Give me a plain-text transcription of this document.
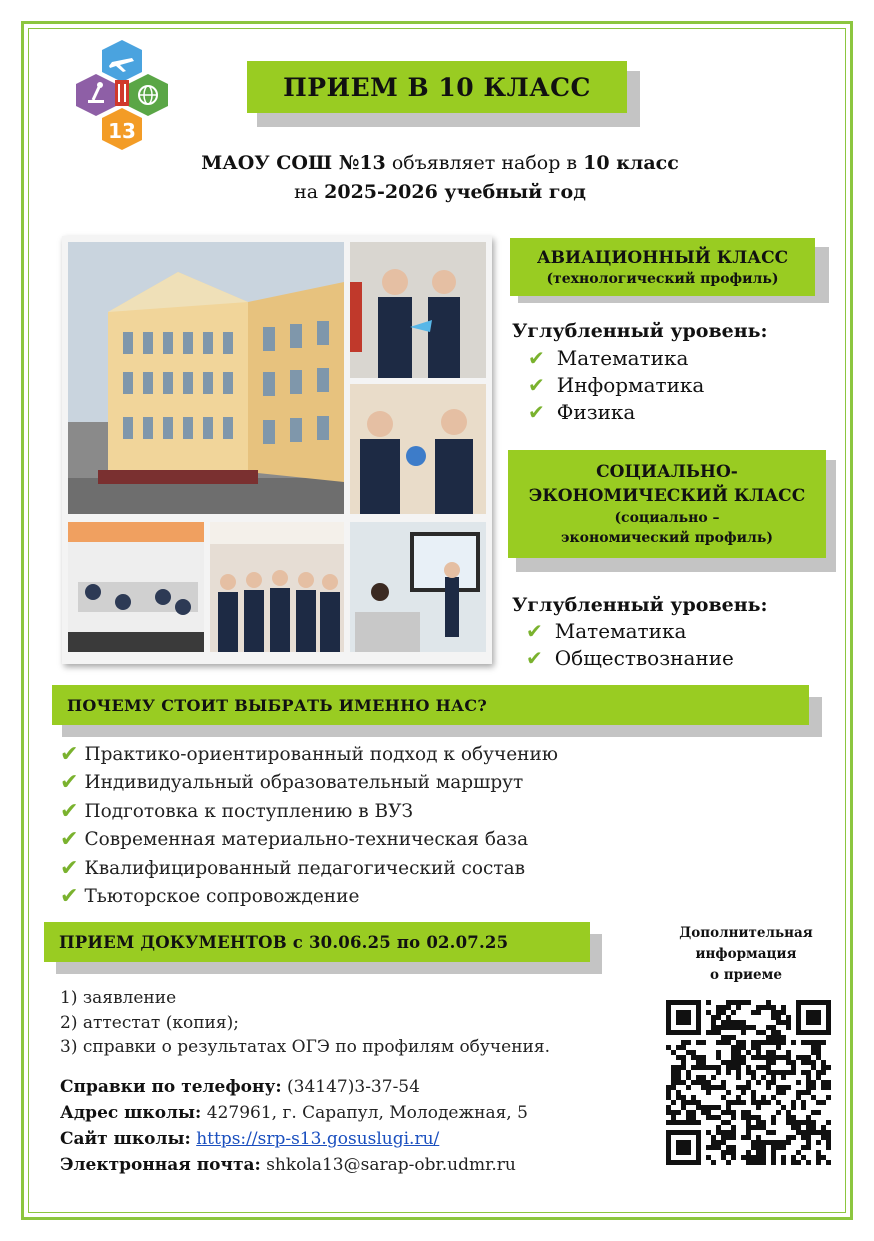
13
ПРИЕМ В 10 КЛАСС
МАОУ СОШ №13 объявляет набор в 10 класс
на 2025-2026 учебный год
АВИАЦИОННЫЙ КЛАСС
(технологический профиль)
Углубленный уровень:
✔ Математика
✔ Информатика
✔ Физика
СОЦИАЛЬНО-
ЭКОНОМИЧЕСКИЙ КЛАСС
(социально –
экономический профиль)
Углубленный уровень:
✔ Математика
✔ Обществознание
ПОЧЕМУ СТОИТ ВЫБРАТЬ ИМЕННО НАС?
✔ Практико-ориентированный подход к обучению
✔ Индивидуальный образовательный маршрут
✔ Подготовка к поступлению в ВУЗ
✔ Современная материально-техническая база
✔ Квалифицированный педагогический состав
✔ Тьюторское сопровождение
ПРИЕМ ДОКУМЕНТОВ с 30.06.25 по 02.07.25
1) заявление
2) аттестат (копия);
3) справки о результатах ОГЭ по профилям обучения.
Справки по телефону: (34147)3-37-54
Адрес школы: 427961, г. Сарапул, Молодежная, 5
Сайт школы: https://srp-s13.gosuslugi.ru/
Электронная почта: shkola13@sarap-obr.udmr.ru
Дополнительная
информация
о приеме
